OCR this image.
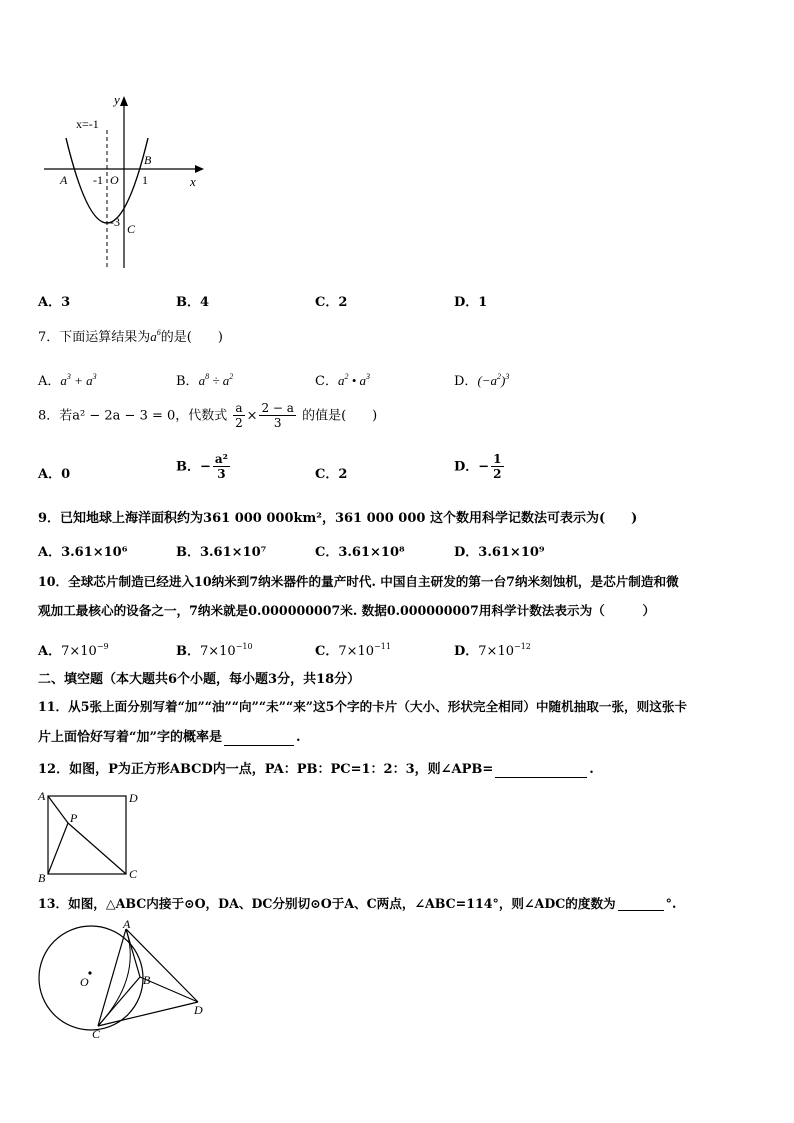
y
x
x=-1
-1 O 1
A
B
-3 C
A．3	B．4	C．2	D．1
7．下面运算结果为$a^6$的是(　　)
A．$a^3 + a^3$	B．$a^8 \div a^2$	C．$a^2$ • $a^3$	D．$(-a^2)^3$
8．若a² − 2a − 3 = 0，代数式 $\frac{a}{2} \times \frac{2 - a}{3}$ 的值是(　　)
A．0	B．− $\frac{\text{a²}}{3}$	C．2	D．− $\frac{1}{2}$
9．已知地球上海洋面积约为361 000 000km²，361 000 000 这个数用科学记数法可表示为(　　)
A．3.61×10⁶	B．3.61×10⁷	C．3.61×10⁸	D．3.61×10⁹
10．全球芯片制造已经进入10纳米到7纳米器件的量产时代. 中国自主研发的第一台7纳米刻蚀机，是芯片制造和微
观加工最核心的设备之一，7纳米就是0.000000007米. 数据0.000000007用科学计数法表示为（　　　）
A．$7\times 10^{-9}$	B．$7\times 10^{-10}$	C．$7\times 10^{-11}$	D．$7\times 10^{-12}$
二、填空题（本大题共6个小题，每小题3分，共18分）
11．从5张上面分别写着“加”“油”“向”“未”“来”这5个字的卡片（大小、形状完全相同）中随机抽取一张，则这张卡
片上面恰好写着“加”字的概率是	.
12．如图，P为正方形ABCD内一点，PA：PB：PC=1：2：3，则∠APB=	.
A	D
B	C
P
13．如图，△ABC内接于⊙O，DA、DC分别切⊙O于A、C两点，∠ABC=114°，则∠ADC的度数为	°.
O
A
B
C
D
